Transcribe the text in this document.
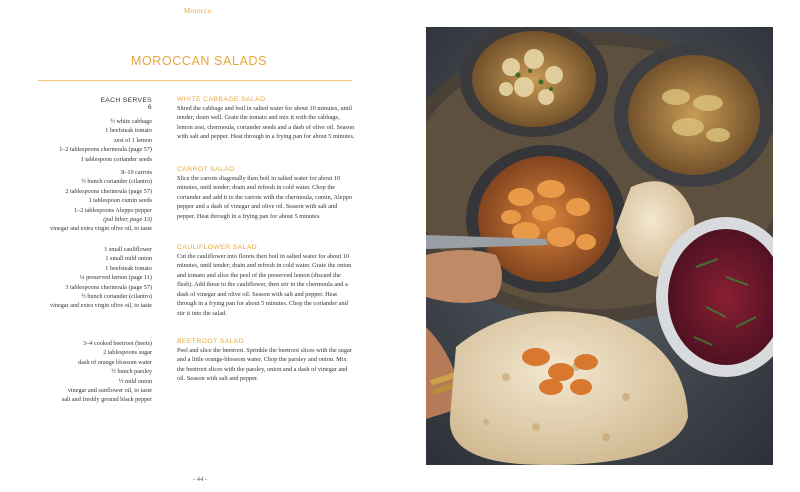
Morocco
MOROCCAN SALADS
EACH SERVES 6
½ white cabbage
1 beefsteak tomato
zest of 1 lemon
1–2 tablespoons chermoula (page 57)
1 tablespoon coriander seeds
8–10 carrots
½ bunch coriander (cilantro)
2 tablespoons chermoula (page 57)
1 tablespoon cumin seeds
1–2 tablespoons Aleppo pepper
(pul biber, page 13)
vinegar and extra virgin olive oil, to taste
1 small cauliflower
1 small mild onion
1 beefsteak tomato
¼ preserved lemon (page 11)
3 tablespoons chermoula (page 57)
½ bunch coriander (cilantro)
vinegar and extra virgin olive oil, to taste
3–4 cooked beetroot (beets)
2 tablespoons sugar
dash of orange blossom water
½ bunch parsley
½ mild onion
vinegar and sunflower oil, to taste
salt and freshly ground black pepper
WHITE CABBAGE SALAD

Shred the cabbage and boil in salted water for about 10 minutes, until tender; drain well. Grate the tomato and mix it with the cabbage, lemon zest, chermoula, coriander seeds and a dash of olive oil. Season with salt and pepper. Heat through in a frying pan for about 5 minutes.

CARROT SALAD

Slice the carrots diagonally then boil in salted water for about 10 minutes, until tender; drain and refresh in cold water. Chop the coriander and add it to the carrots with the chermoula, cumin, Aleppo pepper and a dash of vinegar and olive oil. Season with salt and pepper. Heat through in a frying pan for about 5 minutes.

CAULIFLOWER SALAD

Cut the cauliflower into florets then boil in salted water for about 10 minutes, until tender; drain and refresh in cold water. Grate the onion and tomato and slice the peel of the preserved lemon (discard the flesh). Add these to the cauliflower, then stir in the chermoula and a dash of vinegar and olive oil. Season with salt and pepper. Heat through in a frying pan for about 5 minutes. Chop the coriander and stir it into the salad.

BEETROOT SALAD

Peel and slice the beetroot. Sprinkle the beetroot slices with the sugar and a little orange-blossom water. Chop the parsley and onion. Mix the beetroot slices with the parsley, onion and a dash of vinegar and oil. Season with salt and pepper.

- 44 -
